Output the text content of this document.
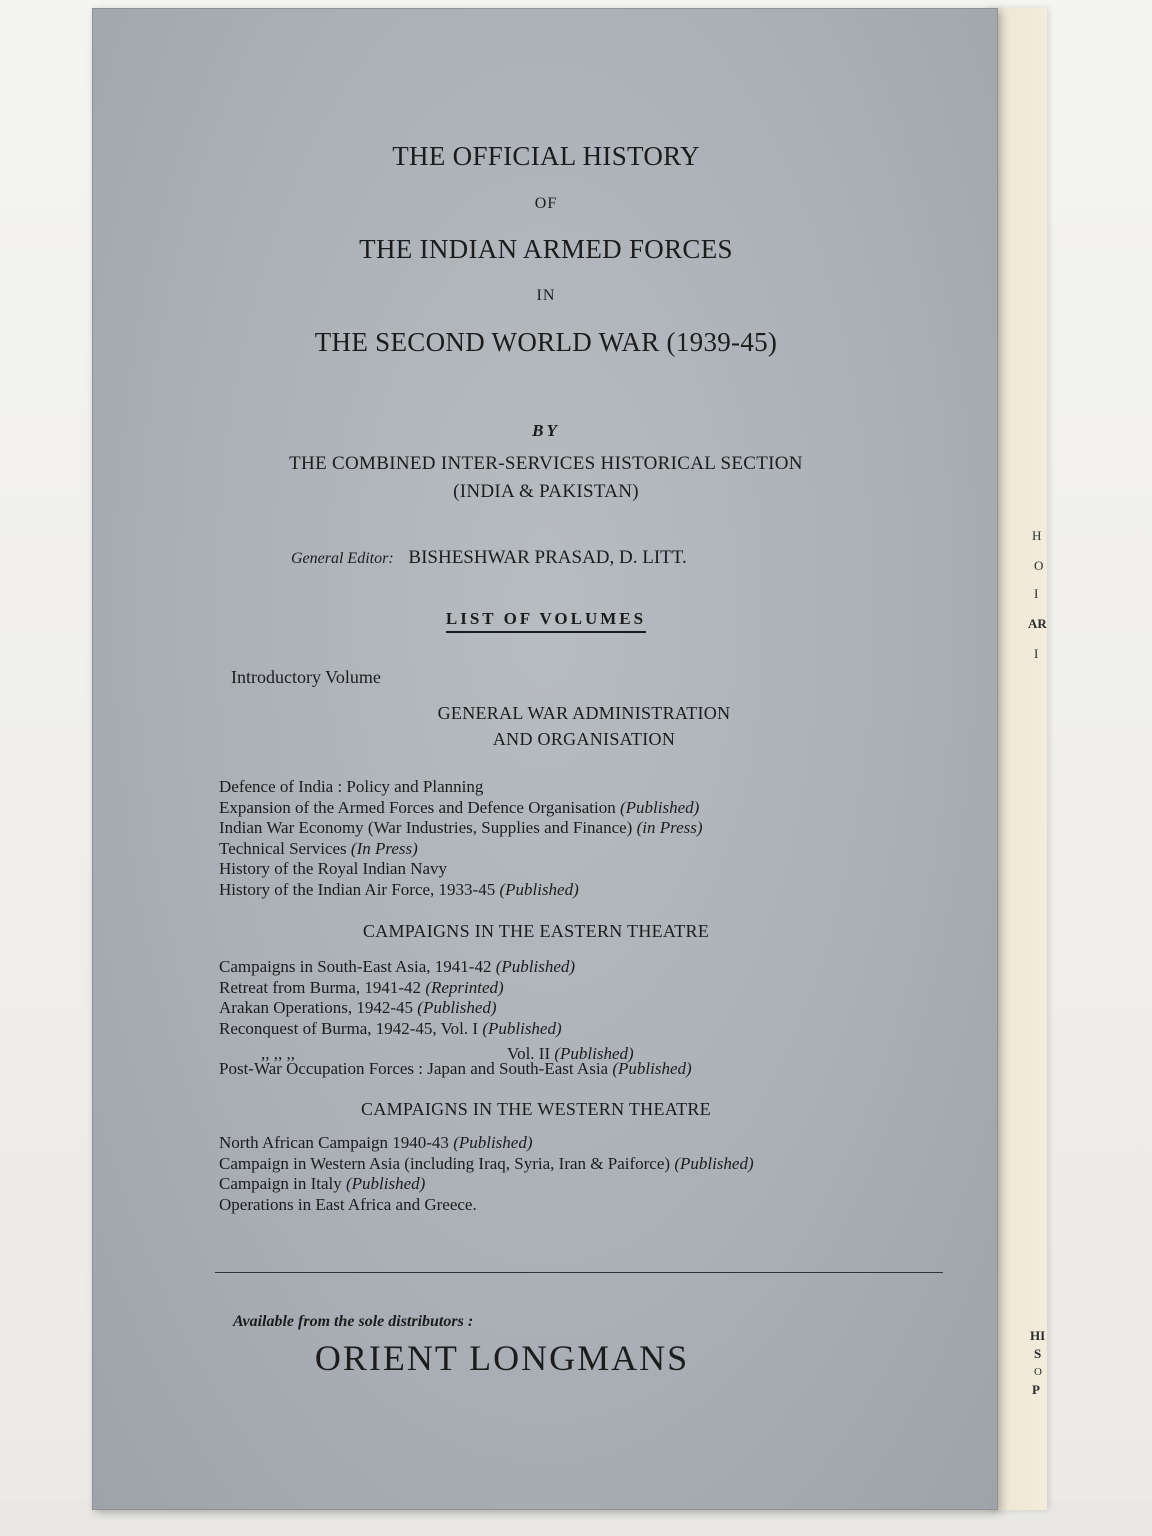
H
O
I
AR
I
HI
S
O
P
THE OFFICIAL HISTORY
OF
THE INDIAN ARMED FORCES
IN
THE SECOND WORLD WAR (1939-45)
BY
THE COMBINED INTER-SERVICES HISTORICAL SECTION
(INDIA & PAKISTAN)
General Editor: BISHESHWAR PRASAD, D. LITT.
LIST OF VOLUMES
Introductory Volume
GENERAL WAR ADMINISTRATION
AND ORGANISATION
Defence of India : Policy and Planning
Expansion of the Armed Forces and Defence Organisation (Published)
Indian War Economy (War Industries, Supplies and Finance) (in Press)
Technical Services (In Press)
History of the Royal Indian Navy
History of the Indian Air Force, 1933-45 (Published)
CAMPAIGNS IN THE EASTERN THEATRE
Campaigns in South-East Asia, 1941-42 (Published)
Retreat from Burma, 1941-42 (Reprinted)
Arakan Operations, 1942-45 (Published)
Reconquest of Burma, 1942-45, Vol. I (Published)
,, ,, ,,	Vol. II (Published)
Post-War Occupation Forces : Japan and South-East Asia (Published)
CAMPAIGNS IN THE WESTERN THEATRE
North African Campaign 1940-43 (Published)
Campaign in Western Asia (including Iraq, Syria, Iran & Paiforce) (Published)
Campaign in Italy (Published)
Operations in East Africa and Greece.
Available from the sole distributors :
ORIENT LONGMANS
